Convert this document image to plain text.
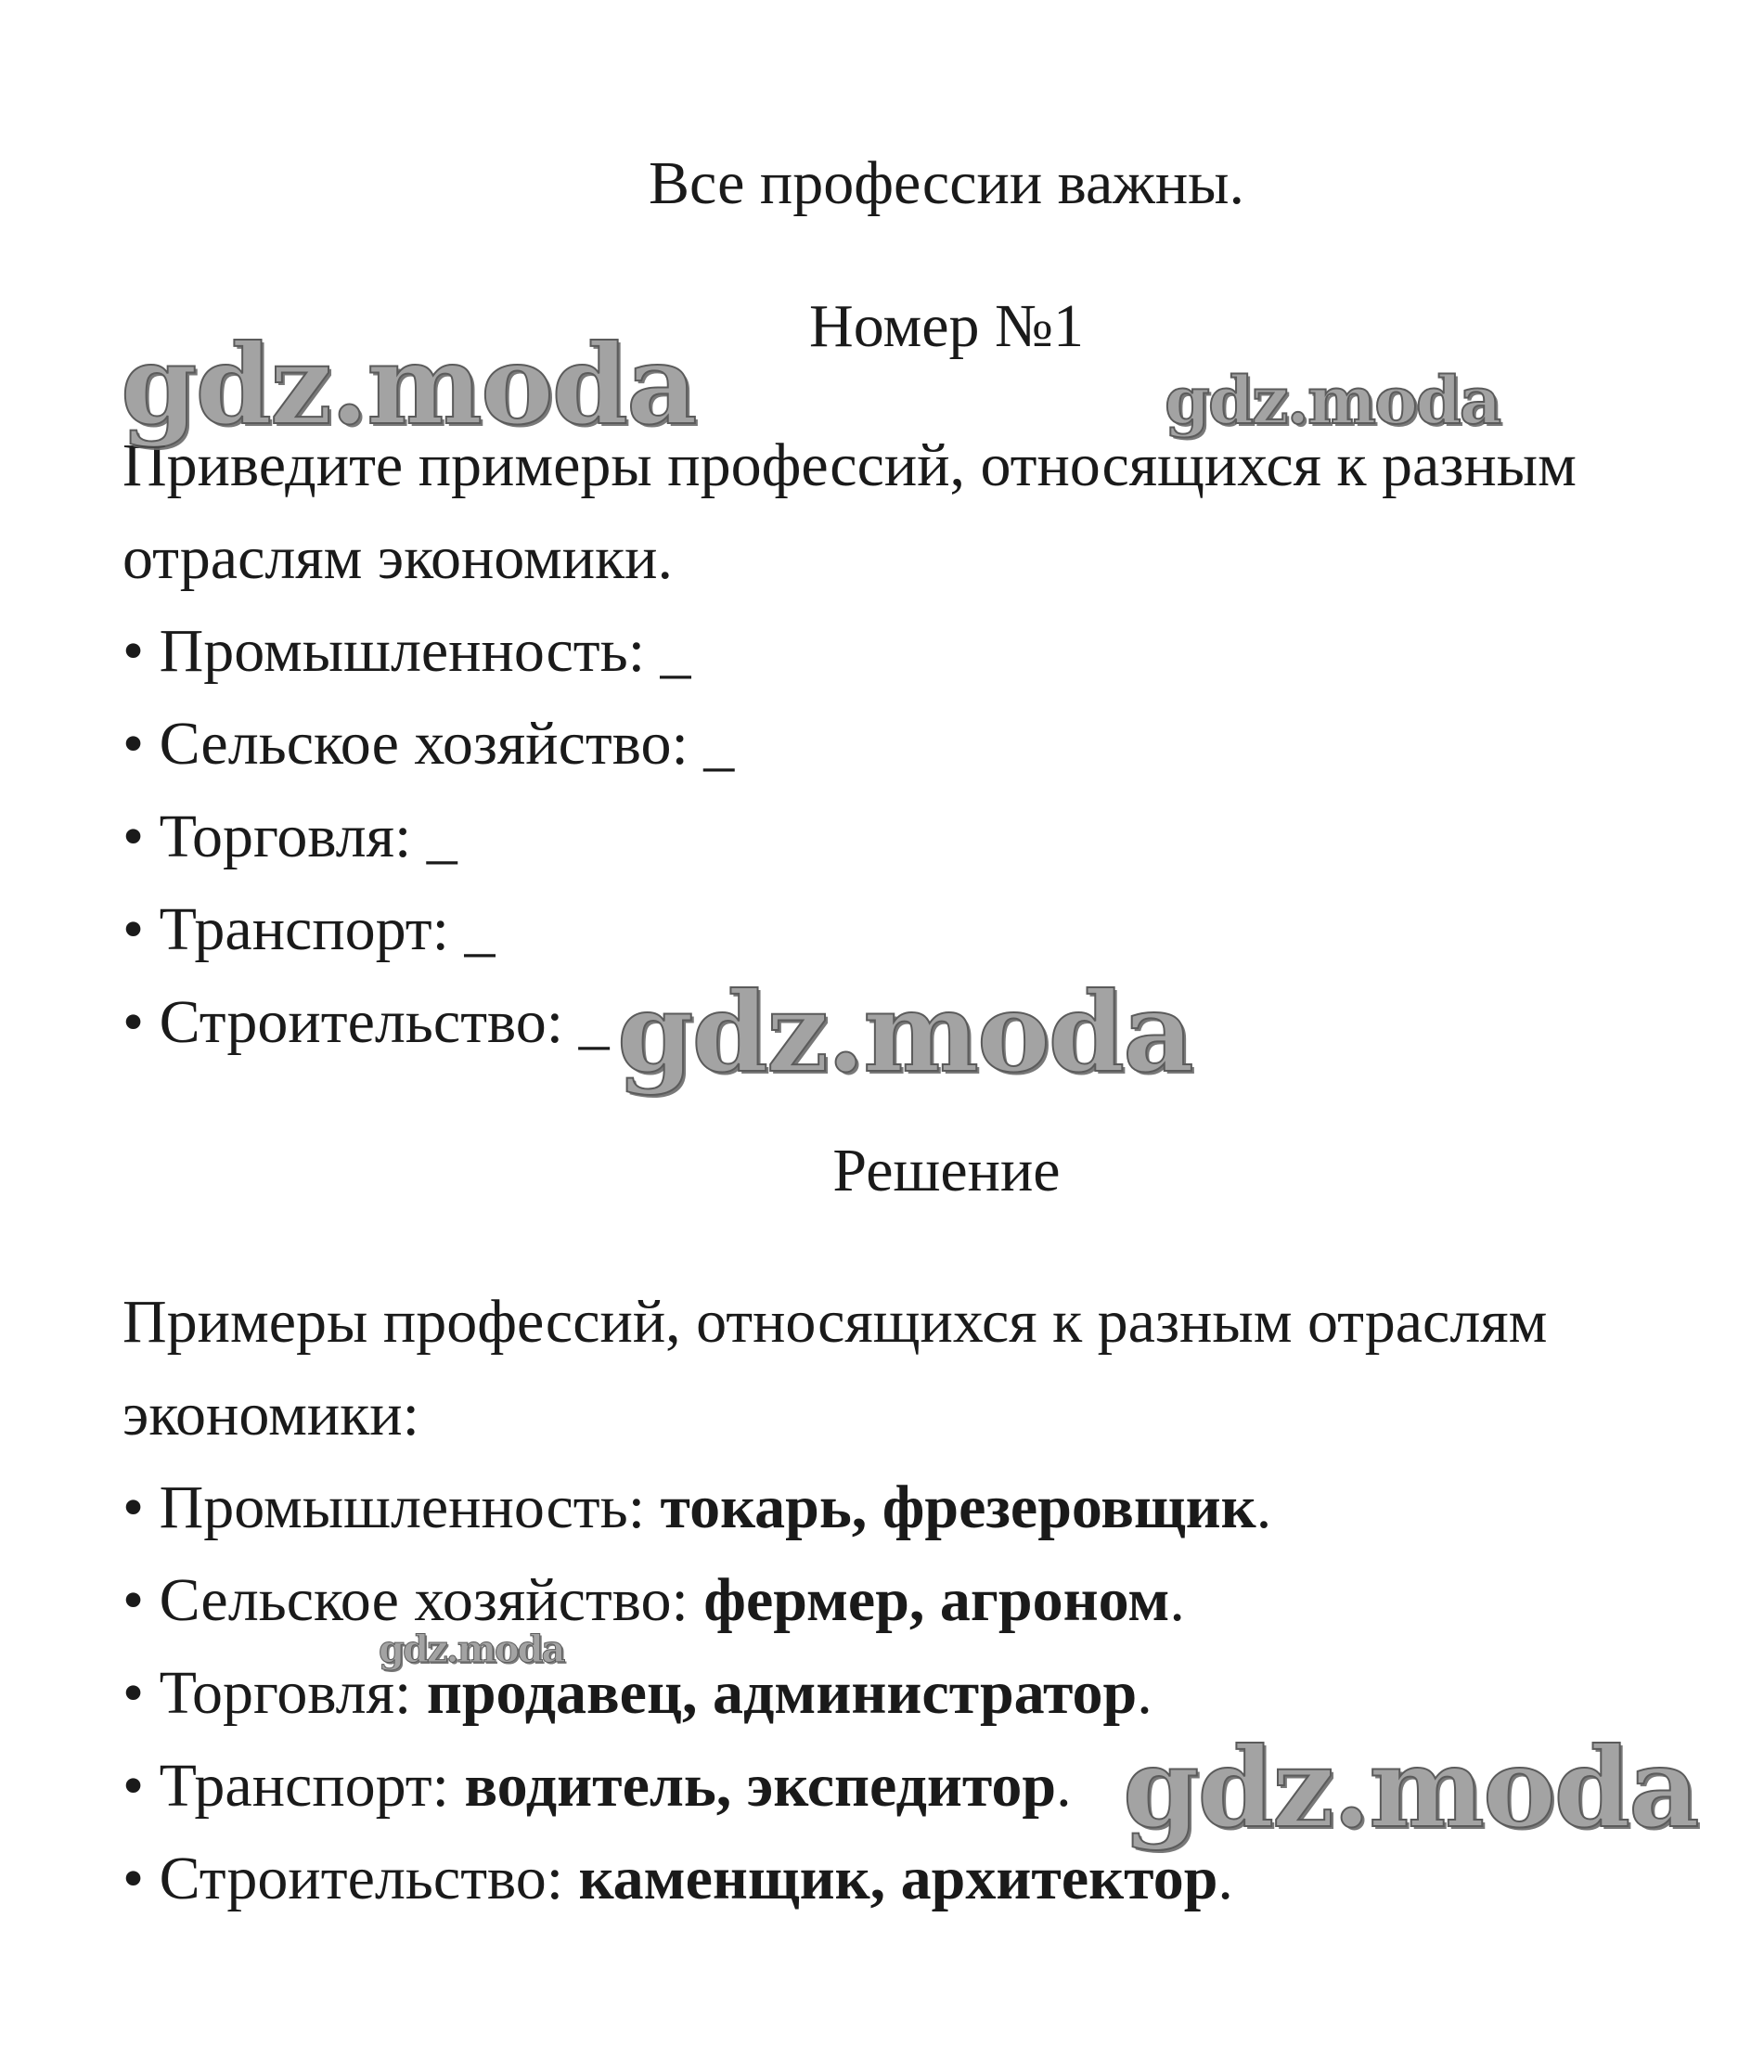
Все профессии важны.
Номер №1
Приведите примеры профессий, относящихся к разным
отраслям экономики.
• Промышленность: _
• Сельское хозяйство: _
• Торговля: _
• Транспорт: _
• Строительство: _
Решение
Примеры профессий, относящихся к разным отраслям
экономики:
• Промышленность: токарь, фрезеровщик.
• Сельское хозяйство: фермер, агроном.
• Торговля: продавец, администратор.
• Транспорт: водитель, экспедитор.
• Строительство: каменщик, архитектор.
gdz.moda	gdz.moda
gdz.moda
gdz.moda
gdz.moda
